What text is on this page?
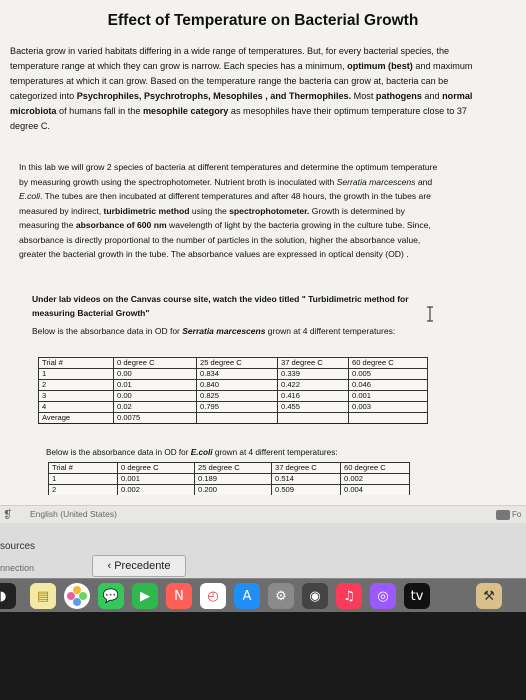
Effect of Temperature on Bacterial Growth

Bacteria grow in varied habitats differing in a wide range of temperatures. But, for every bacterial species, the temperature range at which they can grow is narrow. Each species has a minimum, optimum (best) and maximum temperatures at which it can grow. Based on the temperature range the bacteria can grow at, bacteria can be categorized into Psychrophiles, Psychrotrophs, Mesophiles , and Thermophiles. Most pathogens and normal microbiota of humans fall in the mesophile category as mesophiles have their optimum temperature close to 37 degree C.

In this lab we will grow 2 species of bacteria at different temperatures and determine the optimum temperature by measuring growth using the spectrophotometer. Nutrient broth is inoculated with Serratia marcescens and E.coli. The tubes are then incubated at different temperatures and after 48 hours, the growth in the tubes are measured by indirect, turbidimetric method using the spectrophotometer. Growth is determined by measuring the absorbance of 600 nm wavelength of light by the bacteria growing in the culture tube. Since, absorbance is directly proportional to the number of particles in the solution, higher the absorbance value, greater the bacterial growth in the tube. The absorbance values are expressed in optical density (OD) .

Under lab videos on the Canvas course site, watch the video titled " Turbidimetric method for measuring Bacterial Growth"

Below is the absorbance data in OD for Serratia marcescens grown at 4 different temperatures:

Trial #	0 degree C	25 degree C	37 degree C	60 degree C
1	0.00	0.834	0.339	0.005
2	0.01	0.840	0.422	0.046
3	0.00	0.825	0.416	0.001
4	0.02	0.795	0.455	0.003
Average	0.0075			

Below is the absorbance data in OD for E.coli grown at 4 different temperatures:

Trial #	0 degree C	25 degree C	37 degree C	60 degree C
1	0.001	0.189	0.514	0.002
2	0.002	0.200	0.509	0.004
❡	English (United States)	Fo
sources
nnection	‹ Precedente
◗	▤	💬	▶	N	◴	A	⚙	◉	♫	◎	tv	⚒
